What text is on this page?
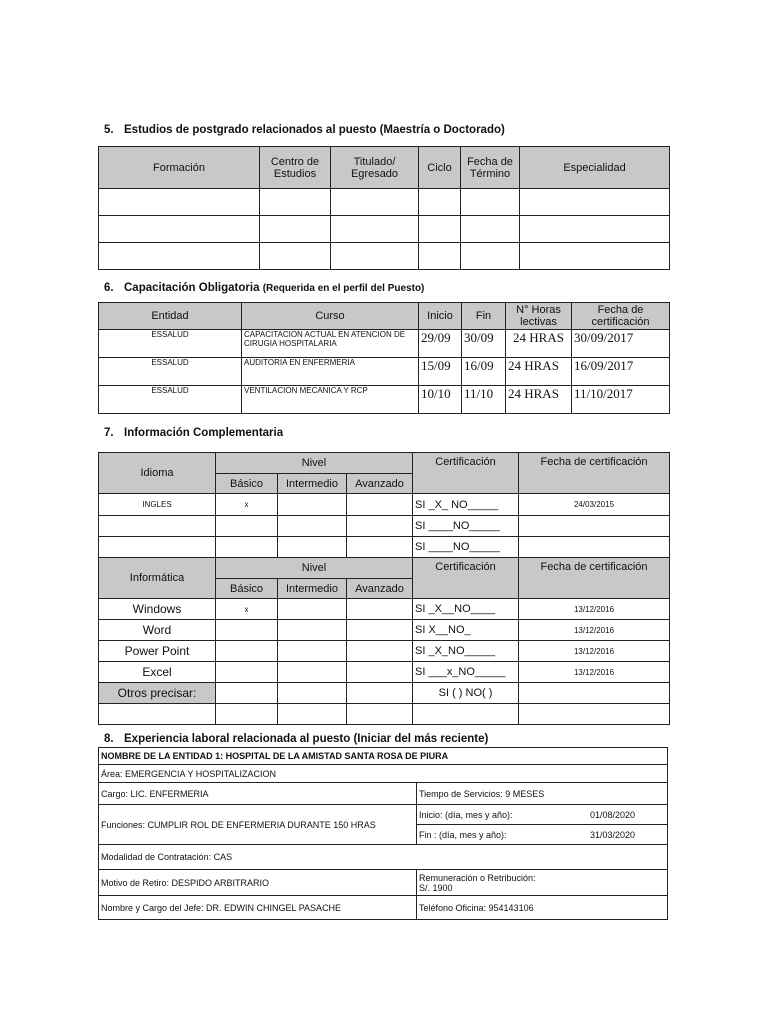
5. Estudios de postgrado relacionados al puesto (Maestría o Doctorado)
Formación	Centro de Estudios	Titulado/ Egresado	Ciclo	Fecha de Término	Especialidad

6. Capacitación Obligatoria (Requerida en el perfil del Puesto)
Entidad	Curso	Inicio	Fin	N° Horas lectivas	Fecha de certificación
ESSALUD	CAPACITACION ACTUAL EN ATENCION DE CIRUGIA HOSPITALARIA	29/09	30/09	24 HRAS	30/09/2017
ESSALUD	AUDITORIA EN ENFERMERIA	15/09	16/09	24 HRAS	16/09/2017
ESSALUD	VENTILACION MECANICA Y RCP	10/10	11/10	24 HRAS	11/10/2017
7. Información Complementaria
Idioma	Nivel			Certificación	Fecha de certificación
	Básico	Intermedio	Avanzado		
INGLES	x			SI _X_ NO_____	24/03/2015
				SI ____NO_____	
				SI ____NO_____	
Informática	Nivel			Certificación	Fecha de certificación
	Básico	Intermedio	Avanzado		
Windows	x			SI _X__NO____	13/12/2016
Word				SI X__NO_	13/12/2016
Power Point				SI _X_NO_____	13/12/2016
Excel				SI ___x_NO_____	13/12/2016
Otros precisar:				SI ( ) NO( )	

8. Experiencia laboral relacionada al puesto (Iniciar del más reciente)
NOMBRE DE LA ENTIDAD 1: HOSPITAL DE LA AMISTAD SANTA ROSA DE PIURA	
Área: EMERGENCIA Y HOSPITALIZACION	
Cargo: LIC. ENFERMERIA	Tiempo de Servicios: 9 MESES
Funciones: CUMPLIR ROL DE ENFERMERIA DURANTE 150 HRAS	Inicio: (día, mes y año): 01/08/2020

	Fin : (día, mes y año): 31/03/2020

Modalidad de Contratación: CAS	
Motivo de Retiro: DESPIDO ARBITRARIO	Remuneración o Retribución:
S/. 1900

Nombre y Cargo del Jefe: DR. EDWIN CHINGEL PASACHE	Teléfono Oficina: 954143106
